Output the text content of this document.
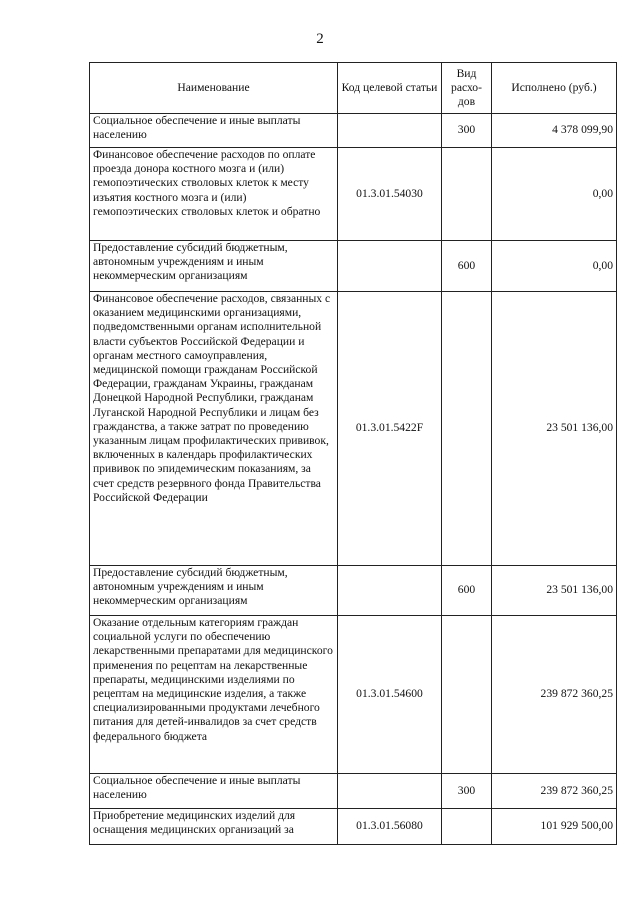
2
Наименование	Код целевой статьи	Вид расхо-дов	Исполнено (руб.)
Социальное обеспечение и иные выплаты населению		300	4 378 099,90
Финансовое обеспечение расходов по оплате проезда донора костного мозга и (или) гемопоэтических стволовых клеток к месту изъятия костного мозга и (или) гемопоэтических стволовых клеток и обратно	01.3.01.54030		0,00
Предоставление субсидий бюджетным, автономным учреждениям и иным некоммерческим организациям		600	0,00
Финансовое обеспечение расходов, связанных с оказанием медицинскими организациями, подведомственными органам исполнительной власти субъектов Российской Федерации и органам местного самоуправления, медицинской помощи гражданам Российской Федерации, гражданам Украины, гражданам Донецкой Народной Республики, гражданам Луганской Народной Республики и лицам без гражданства, а также затрат по проведению указанным лицам профилактических прививок, включенных в календарь профилактических прививок по эпидемическим показаниям, за счет средств резервного фонда Правительства Российской Федерации	01.3.01.5422F		23 501 136,00
Предоставление субсидий бюджетным, автономным учреждениям и иным некоммерческим организациям		600	23 501 136,00
Оказание отдельным категориям граждан социальной услуги по обеспечению лекарственными препаратами для медицинского применения по рецептам на лекарственные препараты, медицинскими изделиями по рецептам на медицинские изделия, а также специализированными продуктами лечебного питания для детей-инвалидов за счет средств федерального бюджета	01.3.01.54600		239 872 360,25
Социальное обеспечение и иные выплаты населению		300	239 872 360,25
Приобретение медицинских изделий для оснащения медицинских организаций за	01.3.01.56080		101 929 500,00
